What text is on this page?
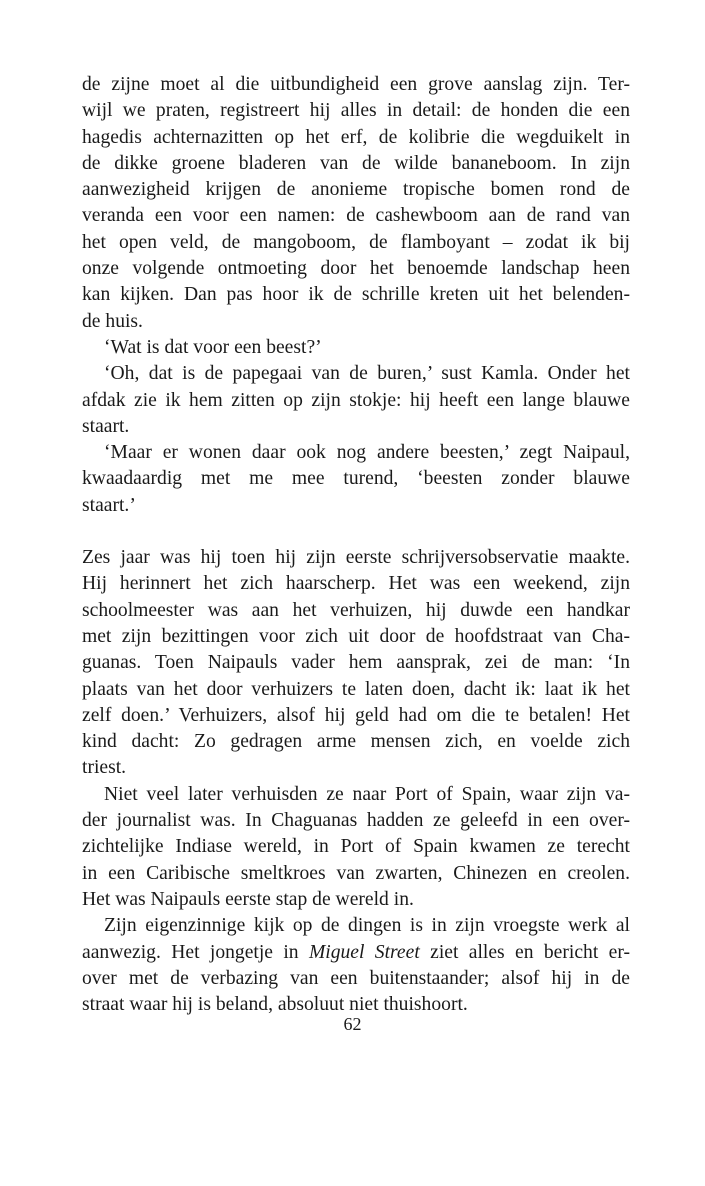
de zijne moet al die uitbundigheid een grove aanslag zijn. Ter-
wijl we praten, registreert hij alles in detail: de honden die een
hagedis achternazitten op het erf, de kolibrie die wegduikelt in
de dikke groene bladeren van de wilde bananeboom. In zijn
aanwezigheid krijgen de anonieme tropische bomen rond de
veranda een voor een namen: de cashewboom aan de rand van
het open veld, de mangoboom, de flamboyant – zodat ik bij
onze volgende ontmoeting door het benoemde landschap heen
kan kijken. Dan pas hoor ik de schrille kreten uit het belenden-
de huis.
‘Wat is dat voor een beest?’
‘Oh, dat is de papegaai van de buren,’ sust Kamla. Onder het
afdak zie ik hem zitten op zijn stokje: hij heeft een lange blauwe
staart.
‘Maar er wonen daar ook nog andere beesten,’ zegt Naipaul,
kwaadaardig met me mee turend, ‘beesten zonder blauwe
staart.’
Zes jaar was hij toen hij zijn eerste schrijversobservatie maakte.
Hij herinnert het zich haarscherp. Het was een weekend, zijn
schoolmeester was aan het verhuizen, hij duwde een handkar
met zijn bezittingen voor zich uit door de hoofdstraat van Cha-
guanas. Toen Naipauls vader hem aansprak, zei de man: ‘In
plaats van het door verhuizers te laten doen, dacht ik: laat ik het
zelf doen.’ Verhuizers, alsof hij geld had om die te betalen! Het
kind dacht: Zo gedragen arme mensen zich, en voelde zich
triest.
Niet veel later verhuisden ze naar Port of Spain, waar zijn va-
der journalist was. In Chaguanas hadden ze geleefd in een over-
zichtelijke Indiase wereld, in Port of Spain kwamen ze terecht
in een Caribische smeltkroes van zwarten, Chinezen en creolen.
Het was Naipauls eerste stap de wereld in.
Zijn eigenzinnige kijk op de dingen is in zijn vroegste werk al
aanwezig. Het jongetje in Miguel Street ziet alles en bericht er-
over met de verbazing van een buitenstaander; alsof hij in de
straat waar hij is beland, absoluut niet thuishoort.
62
